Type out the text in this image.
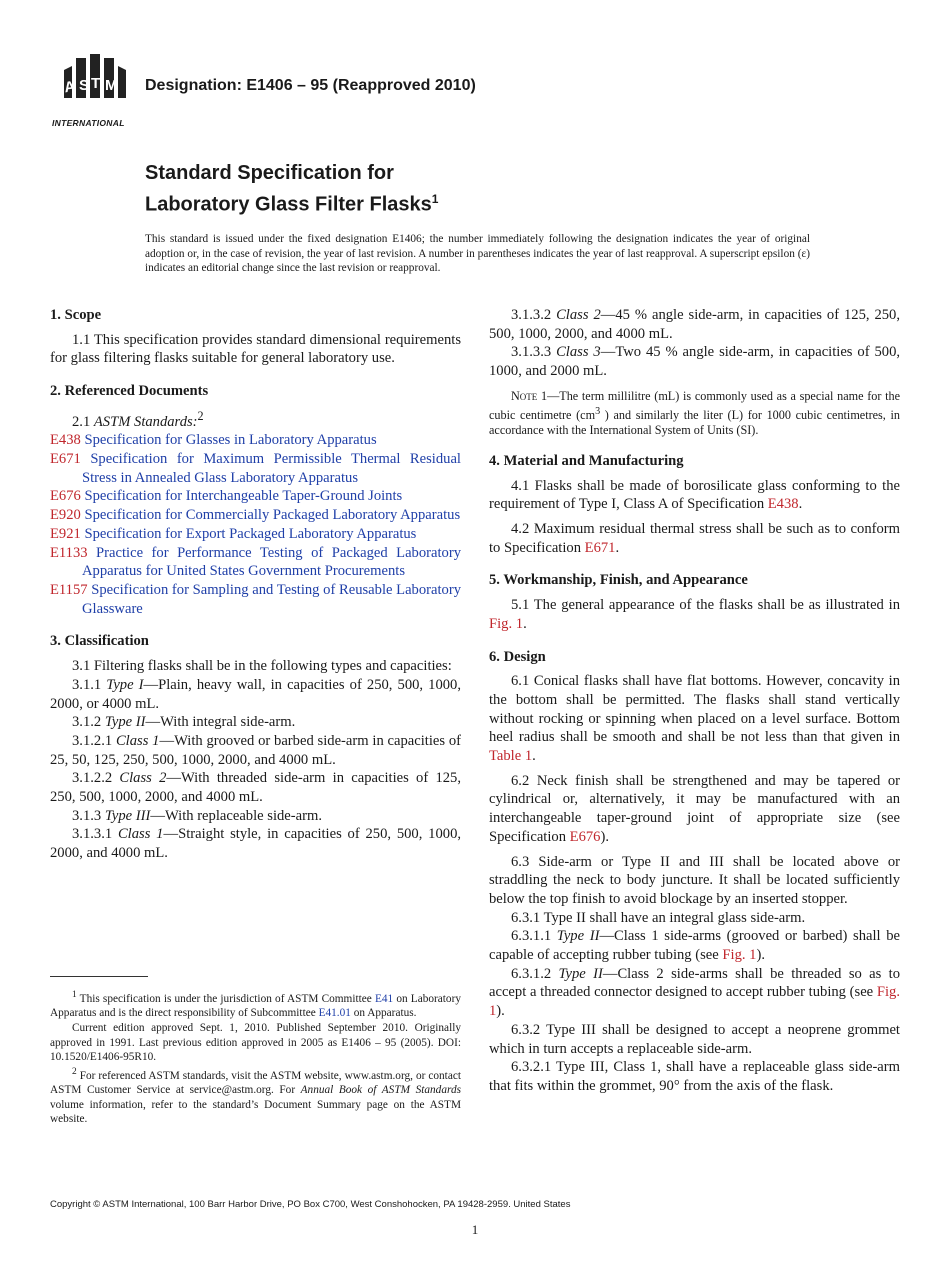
A S T M
INTERNATIONAL
Designation: E1406 – 95 (Reapproved 2010)
Standard Specification for
Laboratory Glass Filter Flasks$^1$
This standard is issued under the fixed designation E1406; the number immediately following the designation indicates the year of original adoption or, in the case of revision, the year of last revision. A number in parentheses indicates the year of last reapproval. A superscript epsilon (ε) indicates an editorial change since the last revision or reapproval.
1. Scope

1.1 This specification provides standard dimensional requirements for glass filtering flasks suitable for general laboratory use.

2. Referenced Documents

2.1 ASTM Standards:$^2$

E438 Specification for Glasses in Laboratory Apparatus

E671 Specification for Maximum Permissible Thermal Residual Stress in Annealed Glass Laboratory Apparatus

E676 Specification for Interchangeable Taper-Ground Joints

E920 Specification for Commercially Packaged Laboratory Apparatus

E921 Specification for Export Packaged Laboratory Apparatus

E1133 Practice for Performance Testing of Packaged Laboratory Apparatus for United States Government Procurements

E1157 Specification for Sampling and Testing of Reusable Laboratory Glassware

3. Classification

3.1 Filtering flasks shall be in the following types and capacities:

3.1.1 Type I—Plain, heavy wall, in capacities of 250, 500, 1000, 2000, or 4000 mL.

3.1.2 Type II—With integral side-arm.

3.1.2.1 Class 1—With grooved or barbed side-arm in capacities of 25, 50, 125, 250, 500, 1000, 2000, and 4000 mL.

3.1.2.2 Class 2—With threaded side-arm in capacities of 125, 250, 500, 1000, 2000, and 4000 mL.

3.1.3 Type III—With replaceable side-arm.

3.1.3.1 Class 1—Straight style, in capacities of 250, 500, 1000, 2000, and 4000 mL.

$^1$ This specification is under the jurisdiction of ASTM Committee E41 on Laboratory Apparatus and is the direct responsibility of Subcommittee E41.01 on Apparatus.

Current edition approved Sept. 1, 2010. Published September 2010. Originally approved in 1991. Last previous edition approved in 2005 as E1406 – 95 (2005). DOI: 10.1520/E1406-95R10.

$^2$ For referenced ASTM standards, visit the ASTM website, www.astm.org, or contact ASTM Customer Service at service@astm.org. For Annual Book of ASTM Standards volume information, refer to the standard’s Document Summary page on the ASTM website.

3.1.3.2 Class 2—45 % angle side-arm, in capacities of 125, 250, 500, 1000, 2000, and 4000 mL.

3.1.3.3 Class 3—Two 45 % angle side-arm, in capacities of 500, 1000, and 2000 mL.

Note 1—The term millilitre (mL) is commonly used as a special name for the cubic centimetre ($cm^3$ ) and similarly the liter (L) for 1000 cubic centimetres, in accordance with the International System of Units (SI).

4. Material and Manufacturing

4.1 Flasks shall be made of borosilicate glass conforming to the requirement of Type I, Class A of Specification E438.

4.2 Maximum residual thermal stress shall be such as to conform to Specification E671.

5. Workmanship, Finish, and Appearance

5.1 The general appearance of the flasks shall be as illustrated in Fig. 1.

6. Design

6.1 Conical flasks shall have flat bottoms. However, concavity in the bottom shall be permitted. The flasks shall stand vertically without rocking or spinning when placed on a level surface. Bottom heel radius shall be smooth and shall be not less than that given in Table 1.

6.2 Neck finish shall be strengthened and may be tapered or cylindrical or, alternatively, it may be manufactured with an interchangeable taper-ground joint of appropriate size (see Specification E676).

6.3 Side-arm or Type II and III shall be located above or straddling the neck to body juncture. It shall be located sufficiently below the top finish to avoid blockage by an inserted stopper.

6.3.1 Type II shall have an integral glass side-arm.

6.3.1.1 Type II—Class 1 side-arms (grooved or barbed) shall be capable of accepting rubber tubing (see Fig. 1).

6.3.1.2 Type II—Class 2 side-arms shall be threaded so as to accept a threaded connector designed to accept rubber tubing (see Fig. 1).

6.3.2 Type III shall be designed to accept a neoprene grommet which in turn accepts a replaceable side-arm.

6.3.2.1 Type III, Class 1, shall have a replaceable glass side-arm that fits within the grommet, 90° from the axis of the flask.

Copyright © ASTM International, 100 Barr Harbor Drive, PO Box C700, West Conshohocken, PA 19428-2959. United States
1
